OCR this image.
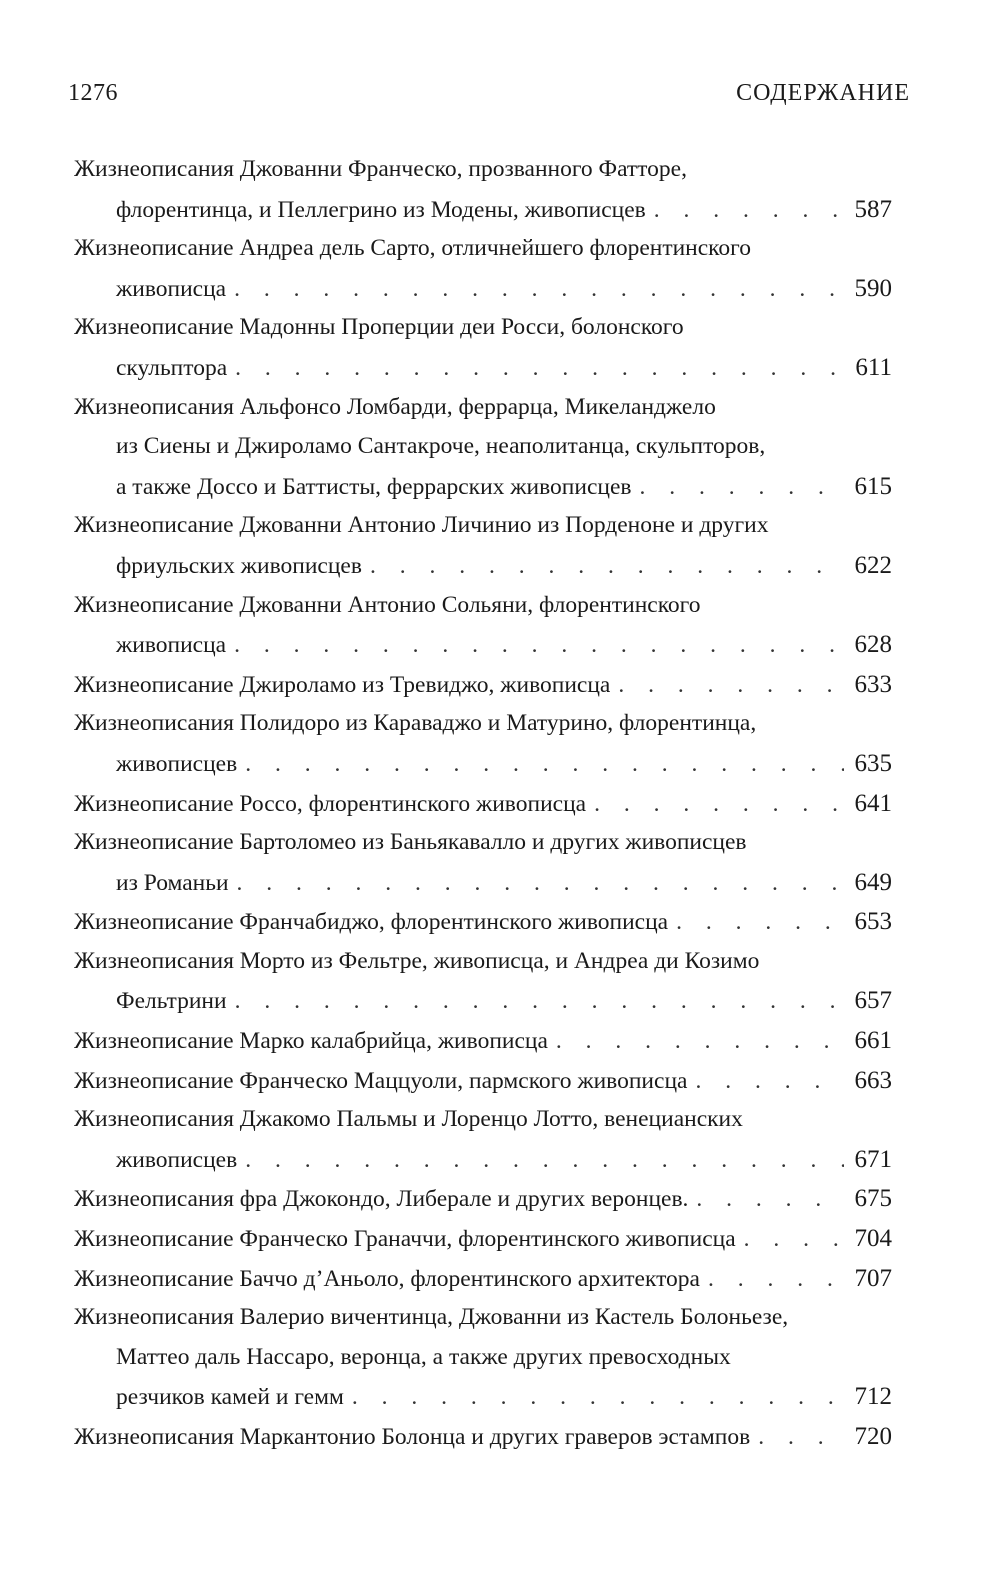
1276	СОДЕРЖАНИЕ
Жизнеописания Джованни Франческо, прозванного Фатторе,
флорентинца, и Пеллегрино из Модены, живописцев . . .	587
Жизнеописание Андреа дель Сарто, отличнейшего флорентинского
живописца . . .	590
Жизнеописание Мадонны Проперции деи Росси, болонского
скульптора . . .	611
Жизнеописания Альфонсо Ломбарди, феррарца, Микеланджело
из Сиены и Джироламо Сантакроче, неаполитанца, скульпторов,
а также Доссо и Баттисты, феррарских живописцев . . .	615
Жизнеописание Джованни Антонио Личинио из Порденоне и других
фриульских живописцев . . .	622
Жизнеописание Джованни Антонио Сольяни, флорентинского
живописца . . .	628
Жизнеописание Джироламо из Тревиджо, живописца . . .	633
Жизнеописания Полидоро из Караваджо и Матурино, флорентинца,
живописцев . . .	635
Жизнеописание Россо, флорентинского живописца . . .	641
Жизнеописание Бартоломео из Баньякавалло и других живописцев
из Романьи . . .	649
Жизнеописание Франчабиджо, флорентинского живописца . . .	653
Жизнеописания Морто из Фельтре, живописца, и Андреа ди Козимо
Фельтрини . . .	657
Жизнеописание Марко калабрийца, живописца . . .	661
Жизнеописание Франческо Маццуоли, пармского живописца . . .	663
Жизнеописания Джакомо Пальмы и Лоренцо Лотто, венецианских
живописцев . . .	671
Жизнеописания фра Джокондо, Либерале и других веронцев. . . .	675
Жизнеописание Франческо Граначчи, флорентинского живописца . . .	704
Жизнеописание Баччо д’Аньоло, флорентинского архитектора . . .	707
Жизнеописания Валерио вичентинца, Джованни из Кастель Болоньезе,
Маттео даль Нассаро, веронца, а также других превосходных
резчиков камей и гемм . . .	712
Жизнеописания Маркантонио Болонца и других граверов эстампов . . .	720
